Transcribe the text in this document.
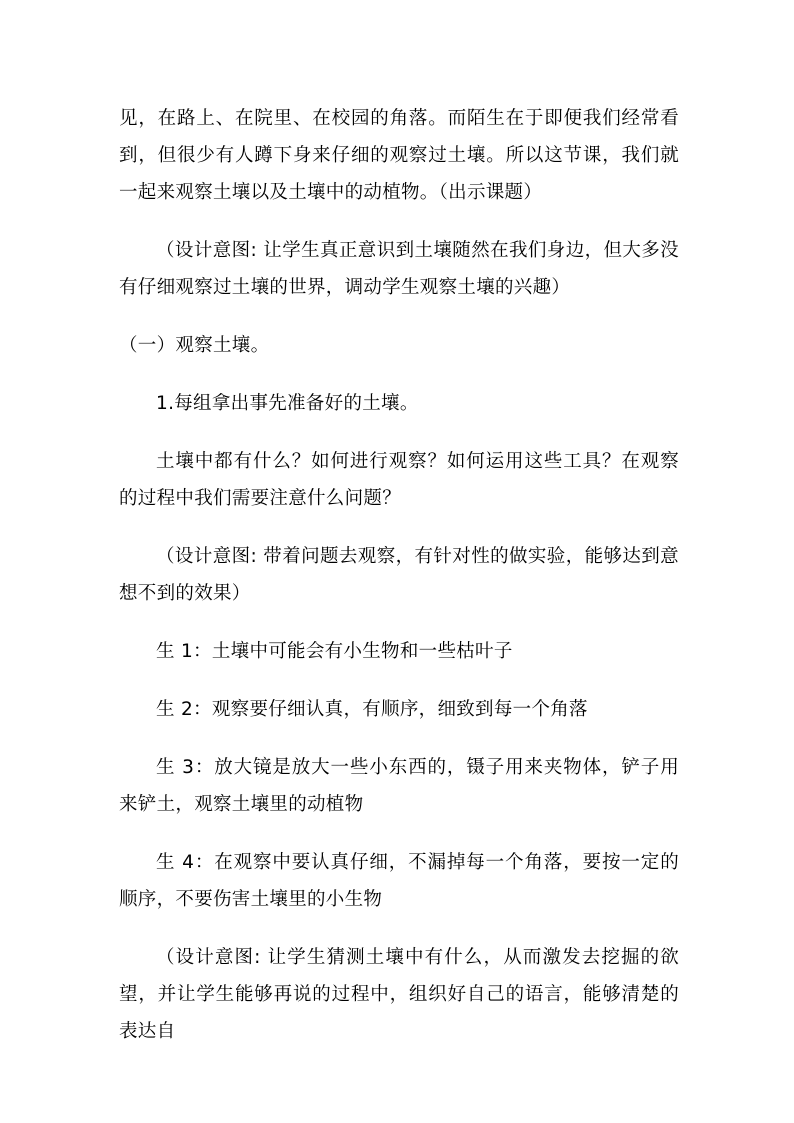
见，在路上、在院里、在校园的角落。而陌生在于即便我们经常看到，但很少有人蹲下身来仔细的观察过土壤。所以这节课，我们就一起来观察土壤以及土壤中的动植物。（出示课题）

（设计意图: 让学生真正意识到土壤随然在我们身边，但大多没有仔细观察过土壤的世界，调动学生观察土壤的兴趣）

（一）观察土壤。

1.每组拿出事先准备好的土壤。

土壤中都有什么？如何进行观察？如何运用这些工具？在观察的过程中我们需要注意什么问题？

（设计意图: 带着问题去观察，有针对性的做实验，能够达到意想不到的效果）

生 1：土壤中可能会有小生物和一些枯叶子

生 2：观察要仔细认真，有顺序，细致到每一个角落

生 3：放大镜是放大一些小东西的，镊子用来夹物体，铲子用来铲土，观察土壤里的动植物

生 4：在观察中要认真仔细，不漏掉每一个角落，要按一定的顺序，不要伤害土壤里的小生物

（设计意图: 让学生猜测土壤中有什么，从而激发去挖掘的欲望，并让学生能够再说的过程中，组织好自己的语言，能够清楚的表达自
